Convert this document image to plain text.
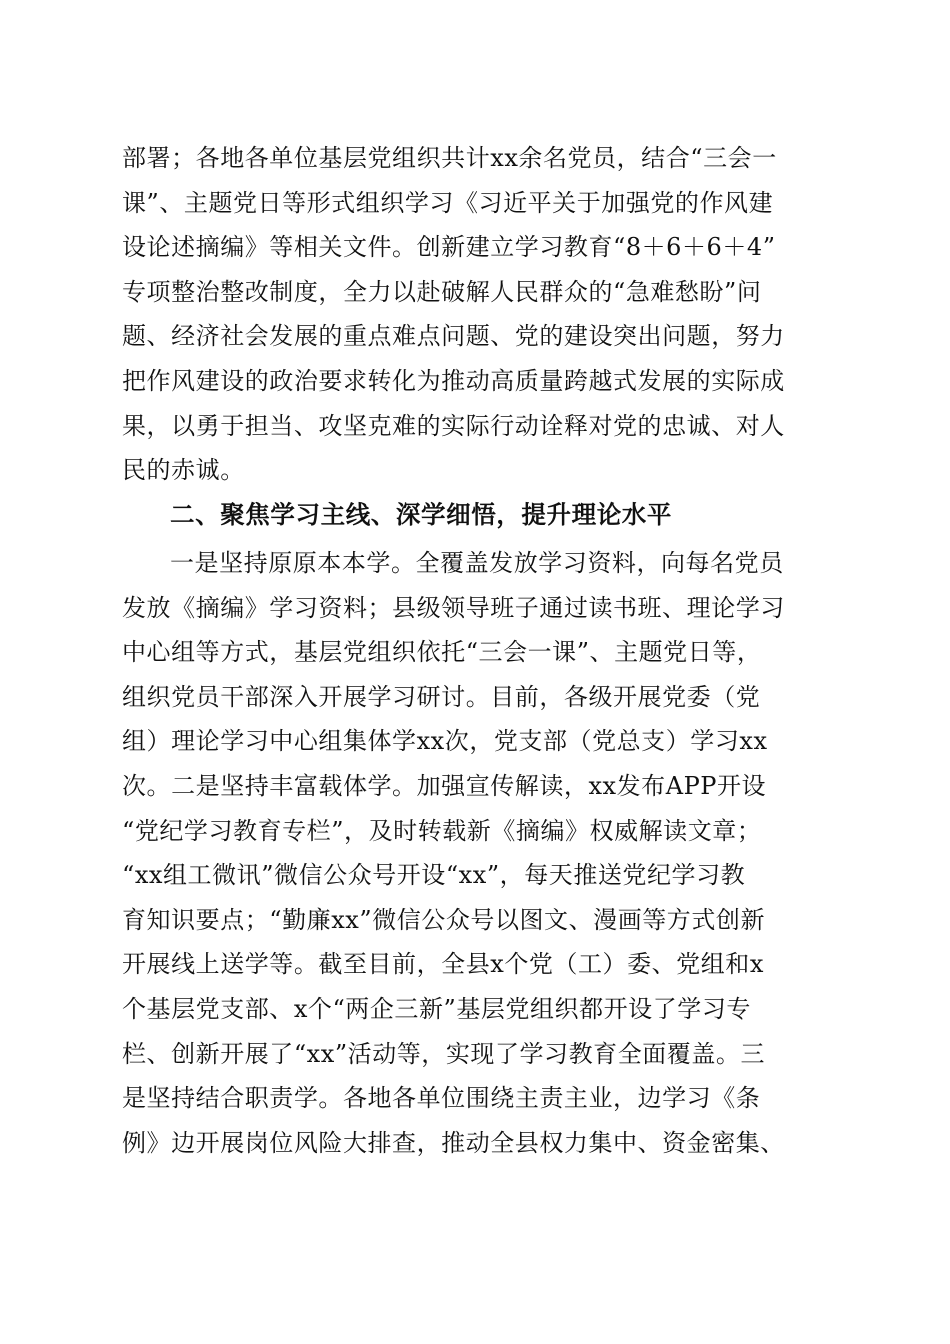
部署；各地各单位基层党组织共计xx余名党员，结合“三会一
课”、主题党日等形式组织学习《习近平关于加强党的作风建
设论述摘编》等相关文件。创新建立学习教育“8＋6＋6＋4”
专项整治整改制度，全力以赴破解人民群众的“急难愁盼”问
题、经济社会发展的重点难点问题、党的建设突出问题，努力
把作风建设的政治要求转化为推动高质量跨越式发展的实际成
果，以勇于担当、攻坚克难的实际行动诠释对党的忠诚、对人
民的赤诚。
二、聚焦学习主线、深学细悟，提升理论水平
一是坚持原原本本学。全覆盖发放学习资料，向每名党员
发放《摘编》学习资料；县级领导班子通过读书班、理论学习
中心组等方式，基层党组织依托“三会一课”、主题党日等，
组织党员干部深入开展学习研讨。目前，各级开展党委（党
组）理论学习中心组集体学xx次，党支部（党总支）学习xx
次。二是坚持丰富载体学。加强宣传解读，xx发布APP开设
“党纪学习教育专栏”，及时转载新《摘编》权威解读文章；
“xx组工微讯”微信公众号开设“xx”，每天推送党纪学习教
育知识要点；“勤廉xx”微信公众号以图文、漫画等方式创新
开展线上送学等。截至目前，全县x个党（工）委、党组和x
个基层党支部、x个“两企三新”基层党组织都开设了学习专
栏、创新开展了“xx”活动等，实现了学习教育全面覆盖。三
是坚持结合职责学。各地各单位围绕主责主业，边学习《条
例》边开展岗位风险大排查，推动全县权力集中、资金密集、
